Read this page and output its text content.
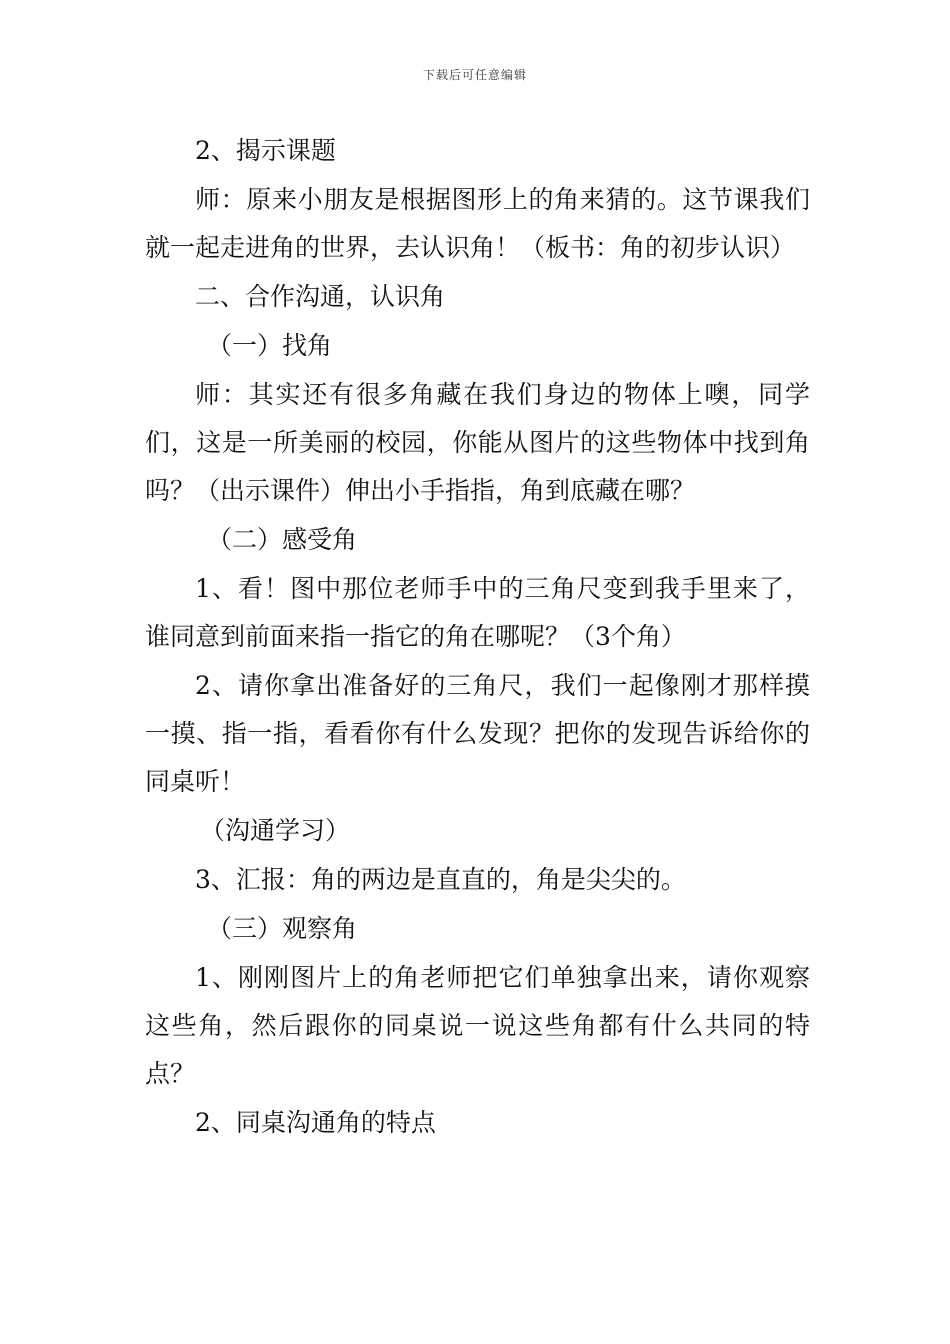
下载后可任意编辑

2、揭示课题

师：原来小朋友是根据图形上的角来猜的。这节课我们就一起走进角的世界，去认识角！（板书：角的初步认识）

二、合作沟通，认识角

（一）找角

师：其实还有很多角藏在我们身边的物体上噢，同学们，这是一所美丽的校园，你能从图片的这些物体中找到角吗？（出示课件）伸出小手指指，角到底藏在哪？

（二）感受角

1、看！图中那位老师手中的三角尺变到我手里来了，谁同意到前面来指一指它的角在哪呢？（3个角）

2、请你拿出准备好的三角尺，我们一起像刚才那样摸一摸、指一指，看看你有什么发现？把你的发现告诉给你的同桌听！

（沟通学习）

3、汇报：角的两边是直直的，角是尖尖的。

（三）观察角

1、刚刚图片上的角老师把它们单独拿出来，请你观察这些角，然后跟你的同桌说一说这些角都有什么共同的特点？

2、同桌沟通角的特点
